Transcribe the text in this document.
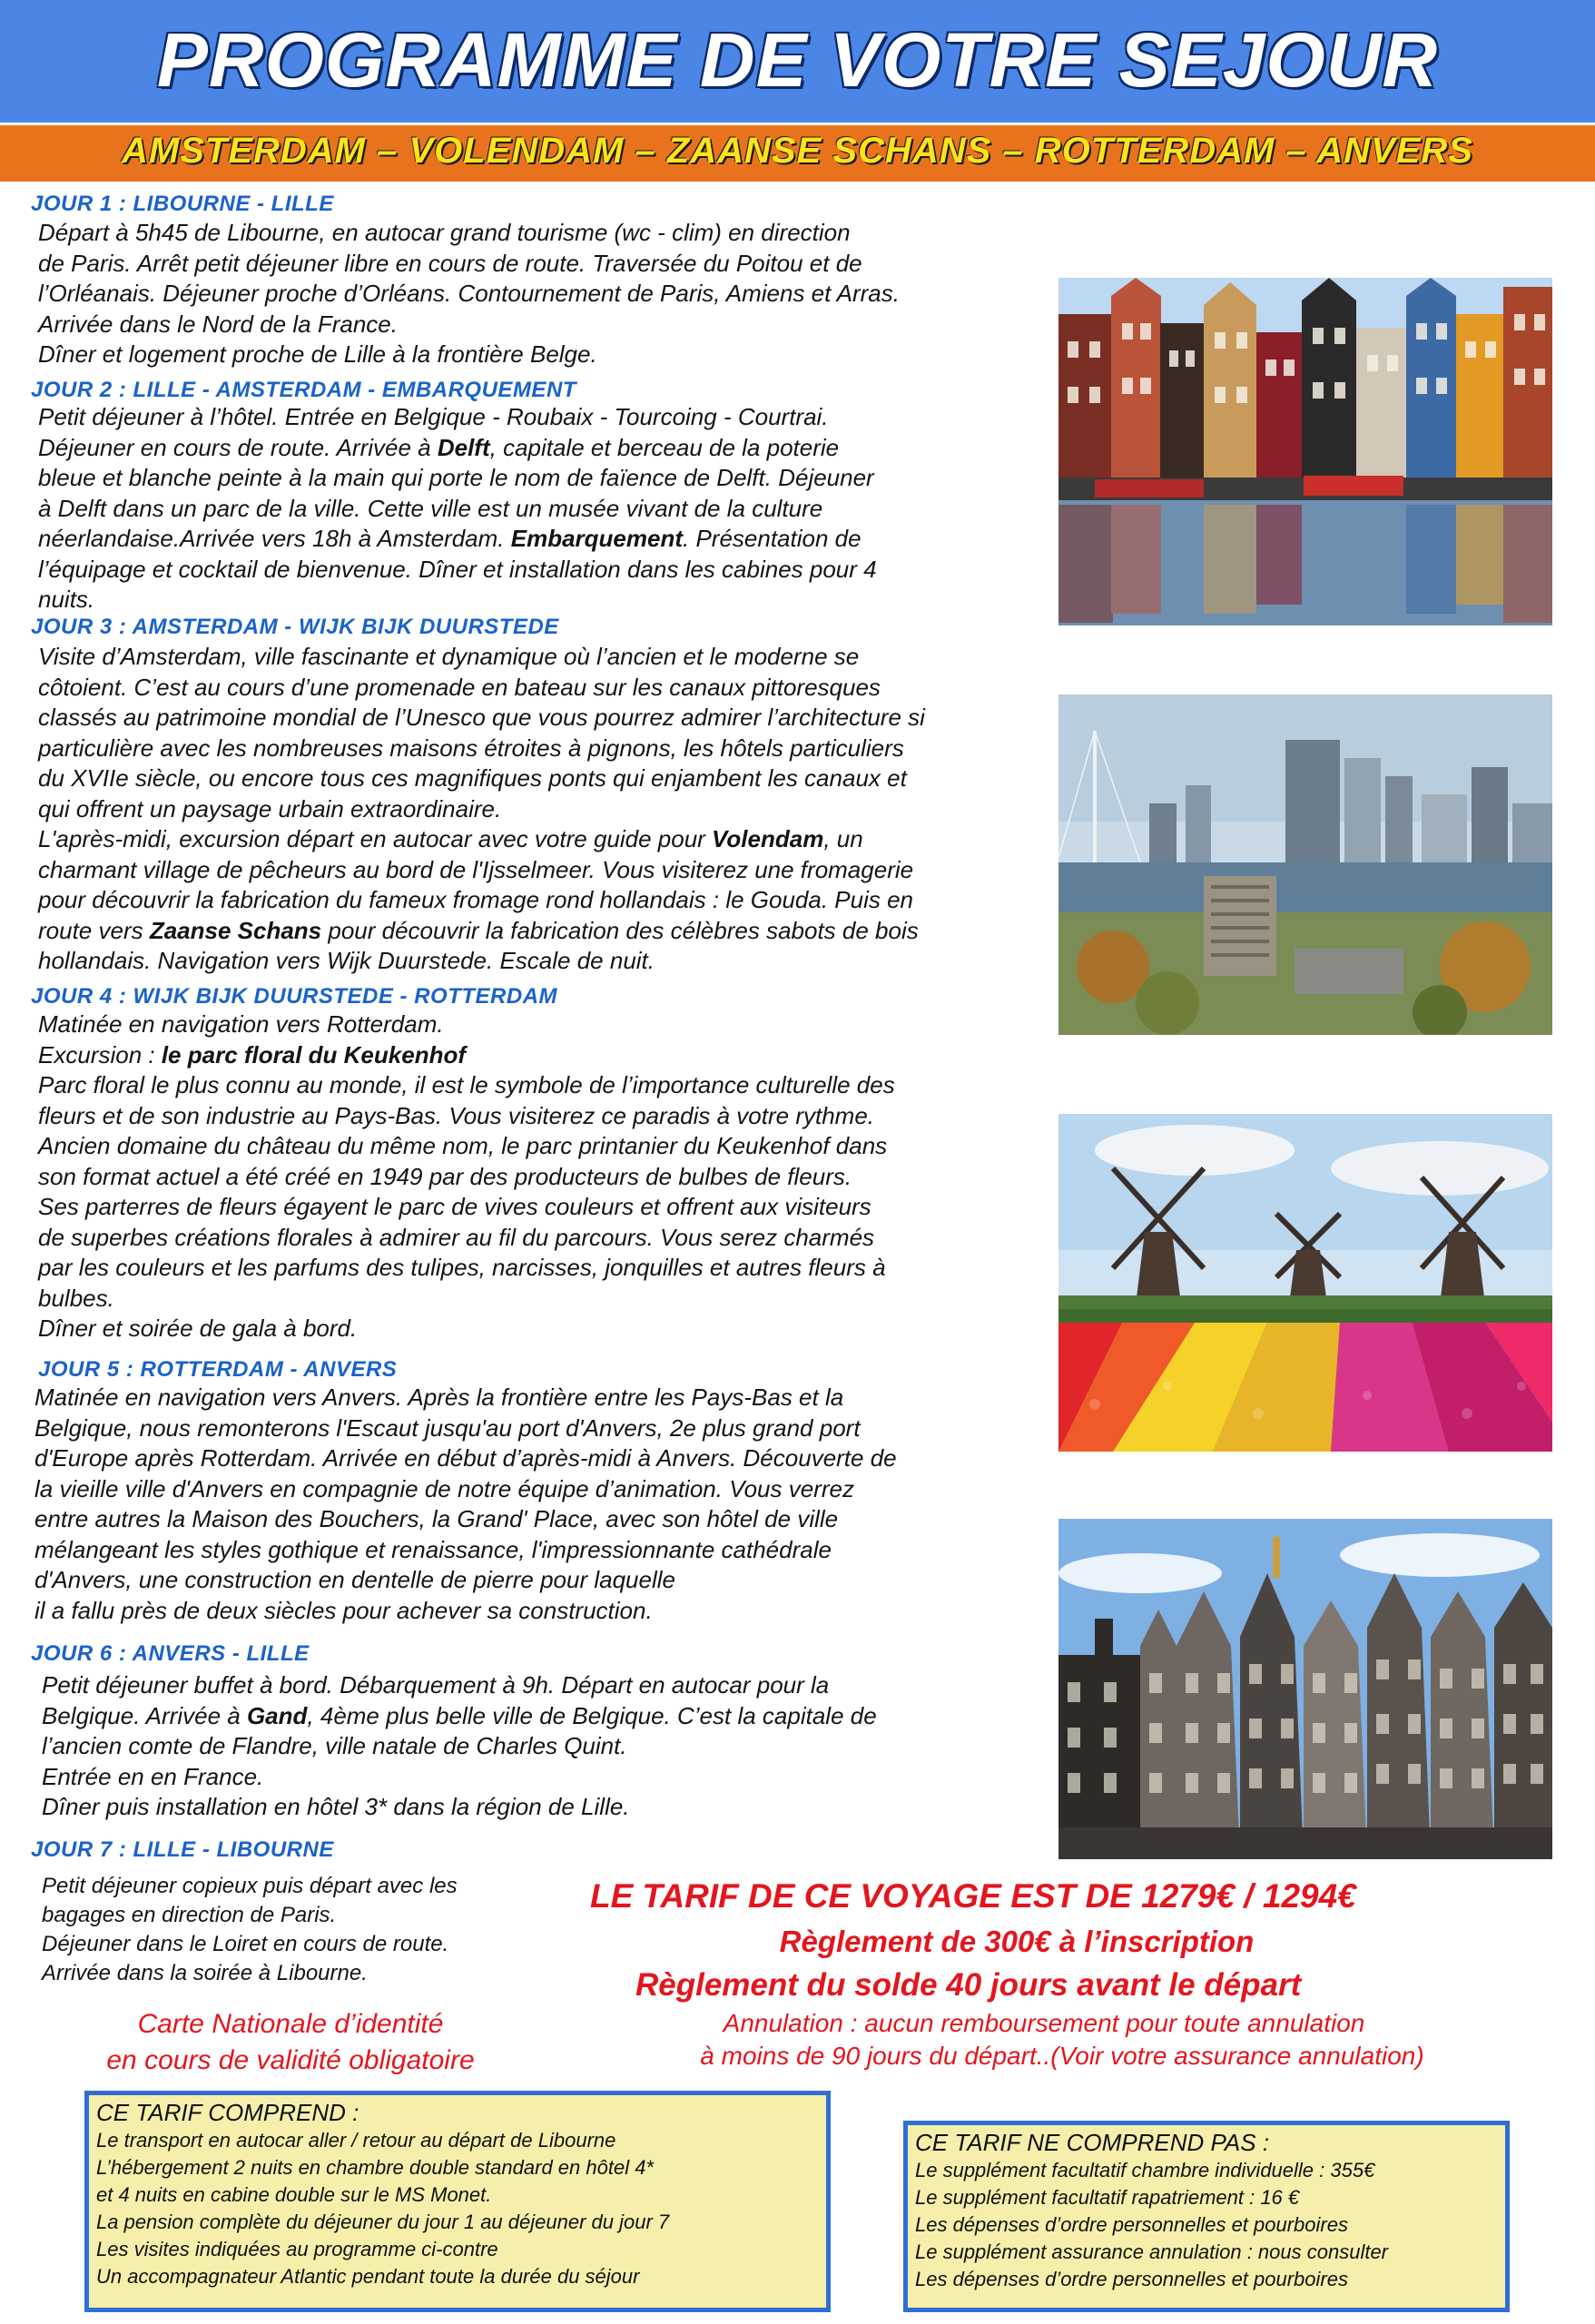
PROGRAMME DE VOTRE SEJOUR
AMSTERDAM – VOLENDAM – ZAANSE SCHANS – ROTTERDAM – ANVERS
JOUR 1 : LIBOURNE - LILLE

Départ à 5h45 de Libourne, en autocar grand tourisme (wc - clim) en direction

de Paris. Arrêt petit déjeuner libre en cours de route. Traversée du Poitou et de

l’Orléanais. Déjeuner proche d’Orléans. Contournement de Paris, Amiens et Arras.

Arrivée dans le Nord de la France.

Dîner et logement proche de Lille à la frontière Belge.

JOUR 2 : LILLE - AMSTERDAM - EMBARQUEMENT

Petit déjeuner à l’hôtel. Entrée en Belgique - Roubaix - Tourcoing - Courtrai.

Déjeuner en cours de route. Arrivée à Delft, capitale et berceau de la poterie

bleue et blanche peinte à la main qui porte le nom de faïence de Delft. Déjeuner

à Delft dans un parc de la ville. Cette ville est un musée vivant de la culture

néerlandaise.Arrivée vers 18h à Amsterdam. Embarquement. Présentation de

l’équipage et cocktail de bienvenue. Dîner et installation dans les cabines pour 4

nuits.

JOUR 3 : AMSTERDAM - WIJK BIJK DUURSTEDE

Visite d’Amsterdam, ville fascinante et dynamique où l’ancien et le moderne se

côtoient. C’est au cours d’une promenade en bateau sur les canaux pittoresques

classés au patrimoine mondial de l’Unesco que vous pourrez admirer l’architecture si

particulière avec les nombreuses maisons étroites à pignons, les hôtels particuliers

du XVIIe siècle, ou encore tous ces magnifiques ponts qui enjambent les canaux et

qui offrent un paysage urbain extraordinaire.

L'après-midi, excursion départ en autocar avec votre guide pour Volendam, un

charmant village de pêcheurs au bord de l'Ijsselmeer. Vous visiterez une fromagerie

pour découvrir la fabrication du fameux fromage rond hollandais : le Gouda. Puis en

route vers Zaanse Schans pour découvrir la fabrication des célèbres sabots de bois

hollandais. Navigation vers Wijk Duurstede. Escale de nuit.

JOUR 4 : WIJK BIJK DUURSTEDE - ROTTERDAM

Matinée en navigation vers Rotterdam.

Excursion : le parc floral du Keukenhof

Parc floral le plus connu au monde, il est le symbole de l’importance culturelle des

fleurs et de son industrie au Pays-Bas. Vous visiterez ce paradis à votre rythme.

Ancien domaine du château du même nom, le parc printanier du Keukenhof dans

son format actuel a été créé en 1949 par des producteurs de bulbes de fleurs.

Ses parterres de fleurs égayent le parc de vives couleurs et offrent aux visiteurs

de superbes créations florales à admirer au fil du parcours. Vous serez charmés

par les couleurs et les parfums des tulipes, narcisses, jonquilles et autres fleurs à

bulbes.

Dîner et soirée de gala à bord.

JOUR 5 : ROTTERDAM - ANVERS

Matinée en navigation vers Anvers. Après la frontière entre les Pays-Bas et la

Belgique, nous remonterons l'Escaut jusqu'au port d'Anvers, 2e plus grand port

d'Europe après Rotterdam. Arrivée en début d’après-midi à Anvers. Découverte de

la vieille ville d'Anvers en compagnie de notre équipe d’animation. Vous verrez

entre autres la Maison des Bouchers, la Grand' Place, avec son hôtel de ville

mélangeant les styles gothique et renaissance, l'impressionnante cathédrale

d'Anvers, une construction en dentelle de pierre pour laquelle

il a fallu près de deux siècles pour achever sa construction.

JOUR 6 : ANVERS - LILLE

Petit déjeuner buffet à bord. Débarquement à 9h. Départ en autocar pour la

Belgique. Arrivée à Gand, 4ème plus belle ville de Belgique. C’est la capitale de

l’ancien comte de Flandre, ville natale de Charles Quint.

Entrée en en France.

Dîner puis installation en hôtel 3* dans la région de Lille.

JOUR 7 : LILLE - LIBOURNE

Petit déjeuner copieux puis départ avec les

bagages en direction de Paris.

Déjeuner dans le Loiret en cours de route.

Arrivée dans la soirée à Libourne.

Carte Nationale d’identité
en cours de validité obligatoire
LE TARIF DE CE VOYAGE EST DE 1279€ / 1294€
Règlement de 300€ à l’inscription
Règlement du solde 40 jours avant le départ
Annulation : aucun remboursement pour toute annulation
à moins de 90 jours du départ..(Voir votre assurance annulation)
CE TARIF COMPREND :
Le transport en autocar aller / retour au départ de Libourne
L’hébergement 2 nuits en chambre double standard en hôtel 4*
et 4 nuits en cabine double sur le MS Monet.
La pension complète du déjeuner du jour 1 au déjeuner du jour 7
Les visites indiquées au programme ci-contre
Un accompagnateur Atlantic pendant toute la durée du séjour
CE TARIF NE COMPREND PAS :
Le supplément facultatif chambre individuelle : 355€
Le supplément facultatif rapatriement : 16 €
Les dépenses d’ordre personnelles et pourboires
Le supplément assurance annulation : nous consulter
Les dépenses d’ordre personnelles et pourboires
